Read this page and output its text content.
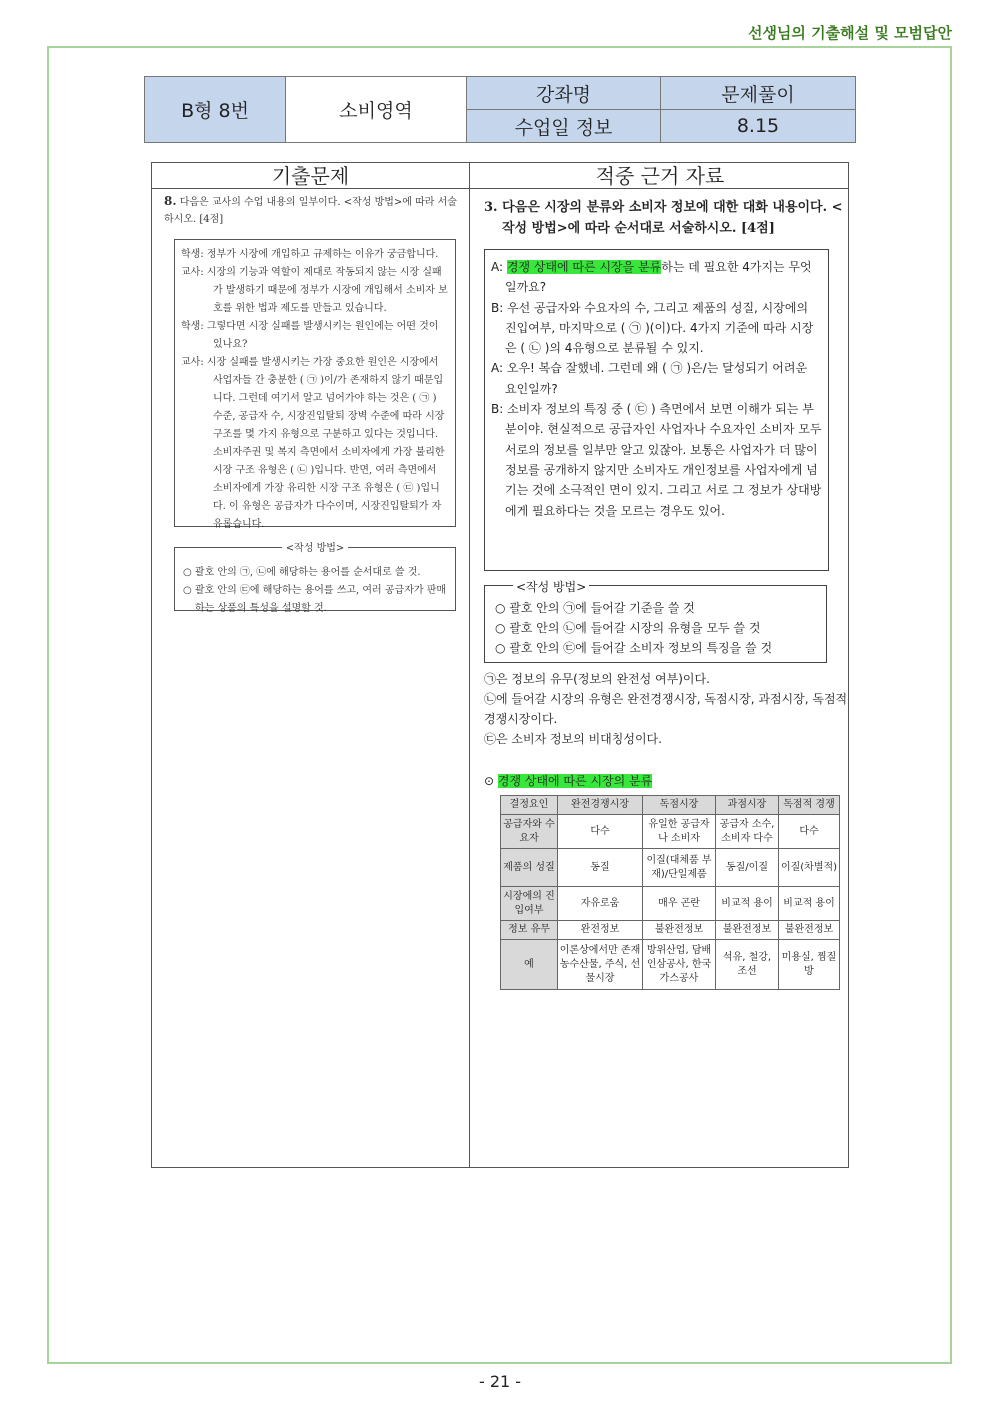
선생님의 기출해설 및 모범답안
B형 8번	소비영역	강좌명	문제풀이
		수업일 정보	8.15
기출문제	적중 근거 자료
8. 다음은 교사의 수업 내용의 일부이다. <작성 방법>에 따라 서술하시오. [4점]

학생: 정부가 시장에 개입하고 규제하는 이유가 궁금합니다.

교사: 시장의 기능과 역할이 제대로 작동되지 않는 시장 실패가 발생하기 때문에 정부가 시장에 개입해서 소비자 보호를 위한 법과 제도를 만들고 있습니다.

학생: 그렇다면 시장 실패를 발생시키는 원인에는 어떤 것이 있나요?

교사: 시장 실패를 발생시키는 가장 중요한 원인은 시장에서 사업자들 간 충분한 ( ㉠ )이/가 존재하지 않기 때문입니다. 그런데 여기서 알고 넘어가야 하는 것은 ( ㉠ ) 수준, 공급자 수, 시장진입탈퇴 장벽 수준에 따라 시장 구조를 몇 가지 유형으로 구분하고 있다는 것입니다. 소비자주권 및 복지 측면에서 소비자에게 가장 불리한 시장 구조 유형은 ( ㉡ )입니다. 반면, 여러 측면에서 소비자에게 가장 유리한 시장 구조 유형은 ( ㉢ )입니다. 이 유형은 공급자가 다수이며, 시장진입탈퇴가 자유롭습니다.

<작성 방법>

○ 괄호 안의 ㉠, ㉡에 해당하는 용어를 순서대로 쓸 것.

○ 괄호 안의 ㉢에 해당하는 용어를 쓰고, 여러 공급자가 판매하는 상품의 특성을 설명할 것.

3. 다음은 시장의 분류와 소비자 정보에 대한 대화 내용이다. <작성 방법>에 따라 순서대로 서술하시오. [4점]

A: 경쟁 상태에 따른 시장을 분류하는 데 필요한 4가지는 무엇일까요?

B: 우선 공급자와 수요자의 수, 그리고 제품의 성질, 시장에의 진입여부, 마지막으로 ( ㉠ )(이)다. 4가지 기준에 따라 시장은 ( ㉡ )의 4유형으로 분류될 수 있지.

A: 오우! 복습 잘했네. 그런데 왜 ( ㉠ )은/는 달성되기 어려운 요인일까?

B: 소비자 정보의 특징 중 ( ㉢ ) 측면에서 보면 이해가 되는 부분이야. 현실적으로 공급자인 사업자나 수요자인 소비자 모두 서로의 정보를 일부만 알고 있잖아. 보통은 사업자가 더 많이 정보를 공개하지 않지만 소비자도 개인정보를 사업자에게 넘기는 것에 소극적인 면이 있지. 그리고 서로 그 정보가 상대방에게 필요하다는 것을 모르는 경우도 있어.

<작성 방법>

○ 괄호 안의 ㉠에 들어갈 기준을 쓸 것

○ 괄호 안의 ㉡에 들어갈 시장의 유형을 모두 쓸 것

○ 괄호 안의 ㉢에 들어갈 소비자 정보의 특징을 쓸 것

㉠은 정보의 유무(정보의 완전성 여부)이다.

㉡에 들어갈 시장의 유형은 완전경쟁시장, 독점시장, 과점시장, 독점적 경쟁시장이다.

㉢은 소비자 정보의 비대칭성이다.

⊙ 경쟁 상태에 따른 시장의 분류
결정요인	완전경쟁시장	독점시장	과점시장	독점적 경쟁
공급자와 수요자	다수	유일한 공급자나 소비자	공급자 소수, 소비자 다수	다수
제품의 성질	동질	이질(대체품 부재)/단일제품	동질/이질	이질(차별적)
시장에의 진입여부	자유로움	매우 곤란	비교적 용이	비교적 용이
정보 유무	완전정보	불완전정보	불완전정보	불완전정보
예	이론상에서만 존재 농수산물, 주식, 선물시장	방위산업, 담배인삼공사, 한국가스공사	석유, 철강, 조선	미용실, 찜질방
- 21 -
